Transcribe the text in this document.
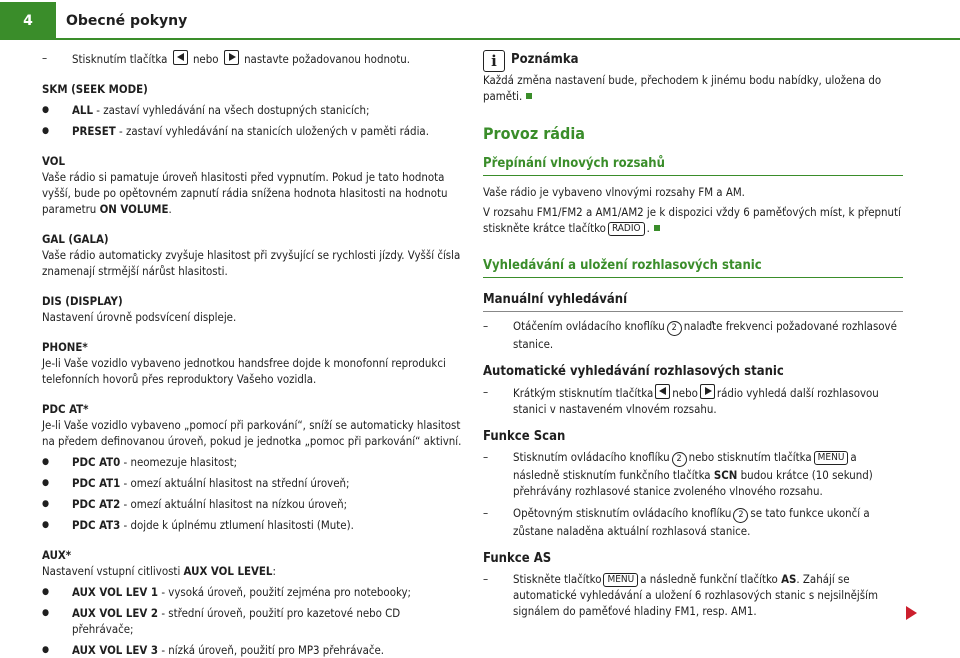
4	Obecné pokyny

– Stisknutím tlačítka nebo nastavte požadovanou hodnotu.

SKM (SEEK MODE)

● ALL - zastaví vyhledávání na všech dostupných stanicích;

● PRESET - zastaví vyhledávání na stanicích uložených v paměti rádia.

VOL

Vaše rádio si pamatuje úroveň hlasitosti před vypnutím. Pokud je tato hodnota vyšší, bude po opětovném zapnutí rádia snížena hodnota hlasitosti na hodnotu parametru ON VOLUME.

GAL (GALA)

Vaše rádio automaticky zvyšuje hlasitost při zvyšující se rychlosti jízdy. Vyšší čísla znamenají strmější nárůst hlasitosti.

DIS (DISPLAY)

Nastavení úrovně podsvícení displeje.

PHONE*

Je-li Vaše vozidlo vybaveno jednotkou handsfree dojde k monofonní reprodukci telefonních hovorů přes reproduktory Vašeho vozidla.

PDC AT*

Je-li Vaše vozidlo vybaveno „pomocí při parkování“, sníží se automaticky hlasitost na předem definovanou úroveň, pokud je jednotka „pomoc při parkování“ aktivní.

● PDC AT0 - neomezuje hlasitost;

● PDC AT1 - omezí aktuální hlasitost na střední úroveň;

● PDC AT2 - omezí aktuální hlasitost na nízkou úroveň;

● PDC AT3 - dojde k úplnému ztlumení hlasitosti (Mute).

AUX*

Nastavení vstupní citlivosti AUX VOL LEVEL:

● AUX VOL LEV 1 - vysoká úroveň, použití zejména pro notebooky;

● AUX VOL LEV 2 - střední úroveň, použití pro kazetové nebo CD přehrávače;

● AUX VOL LEV 3 - nízká úroveň, použití pro MP3 přehrávače.

i Poznámka

Každá změna nastavení bude, přechodem k jinému bodu nabídky, uložena do paměti.

Provoz rádia

Přepínání vlnových rozsahů

Vaše rádio je vybaveno vlnovými rozsahy FM a AM.

V rozsahu FM1/FM2 a AM1/AM2 je k dispozici vždy 6 paměťových míst, k přepnutí stiskněte krátce tlačítko RADIO .

Vyhledávání a uložení rozhlasových stanic

Manuální vyhledávání

– Otáčením ovládacího knoflíku 2 nalaďte frekvenci požadované rozhlasové stanice.

Automatické vyhledávání rozhlasových stanic

– Krátkým stisknutím tlačítka nebo rádio vyhledá další rozhlasovou stanici v nastaveném vlnovém rozsahu.

Funkce Scan

– Stisknutím ovládacího knoflíku 2 nebo stisknutím tlačítka MENU a následně stisknutím funkčního tlačítka SCN budou krátce (10 sekund) přehrávány rozhlasové stanice zvoleného vlnového rozsahu.

– Opětovným stisknutím ovládacího knoflíku 2 se tato funkce ukončí a zůstane naladěna aktuální rozhlasová stanice.

Funkce AS

– Stiskněte tlačítko MENU a následně funkční tlačítko AS. Zahájí se automatické vyhledávání a uložení 6 rozhlasových stanic s nejsilnějším signálem do paměťové hladiny FM1, resp. AM1.
